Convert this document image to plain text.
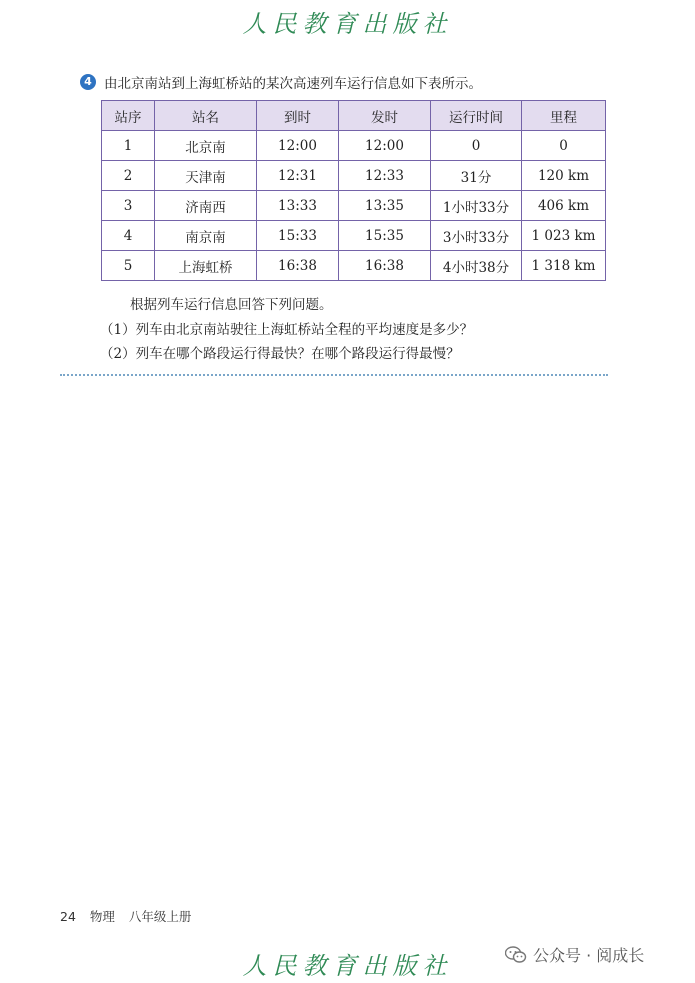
人民教育出版社
4 由北京南站到上海虹桥站的某次高速列车运行信息如下表所示。
站序	站名	到时	发时	运行时间	里程
1	北京南	12:00	12:00	0	0
2	天津南	12:31	12:33	31分	120 km
3	济南西	13:33	13:35	1小时33分	406 km
4	南京南	15:33	15:35	3小时33分	1 023 km
5	上海虹桥	16:38	16:38	4小时38分	1 318 km
根据列车运行信息回答下列问题。
（1）列车由北京南站驶往上海虹桥站全程的平均速度是多少？
（2）列车在哪个路段运行得最快？在哪个路段运行得最慢？
24 物理 八年级上册
人民教育出版社	公众号 · 阅成长
